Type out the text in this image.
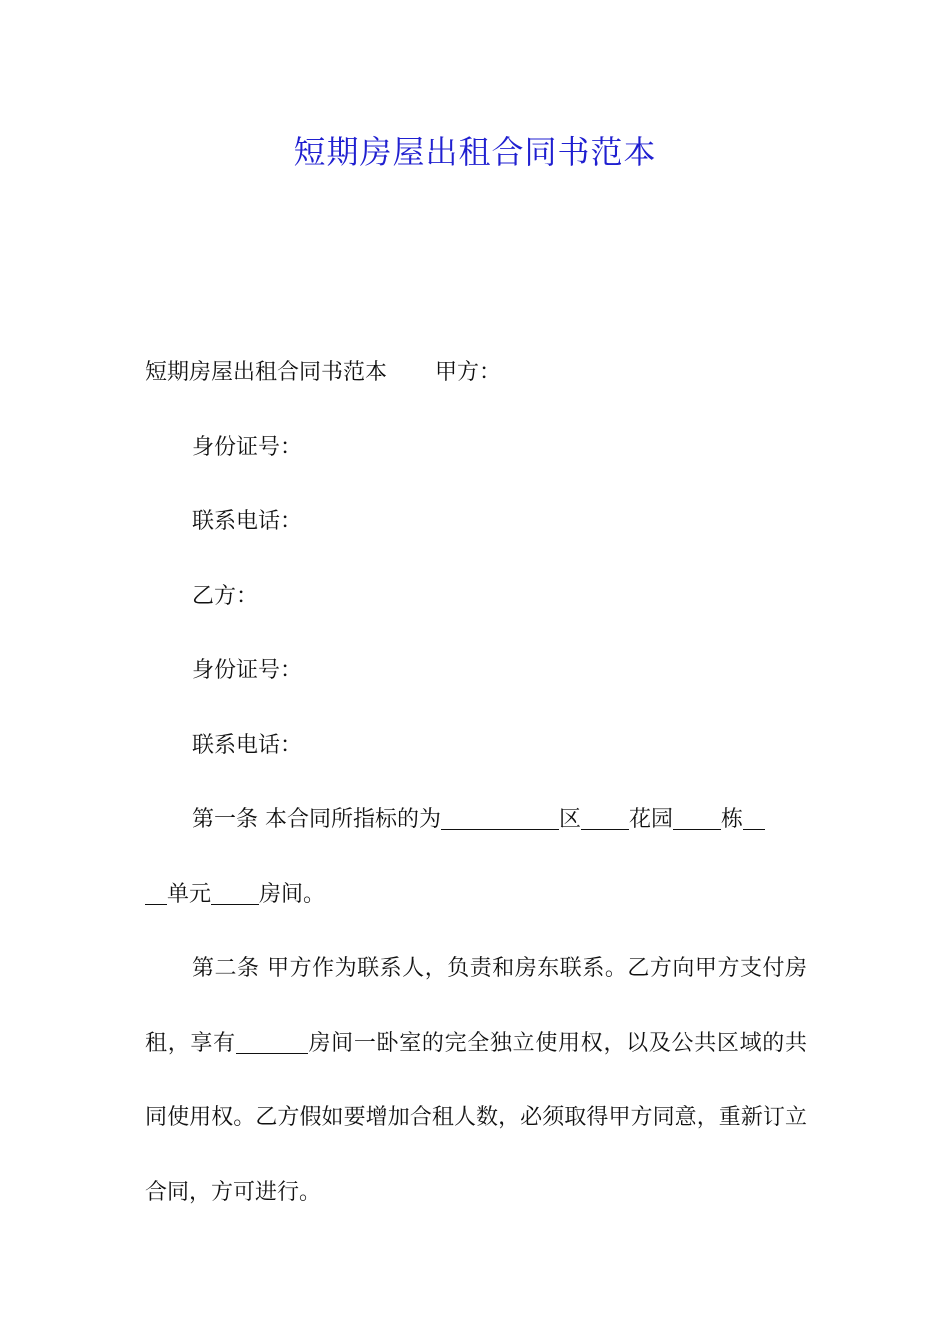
短期房屋出租合同书范本

短期房屋出租合同书范本 甲方：

身份证号：

联系电话：

乙方：

身份证号：

联系电话：

第一条 本合同所指标的为	区 花园 栋
单元 房间。

第二条 甲方作为联系人，负责和房东联系。乙方向甲方支付房租，享有	房间一卧室的完全独立使用权，以及公共区域的共同使用权。乙方假如要增加合租人数，必须取得甲方同意，重新订立合同，方可进行。
